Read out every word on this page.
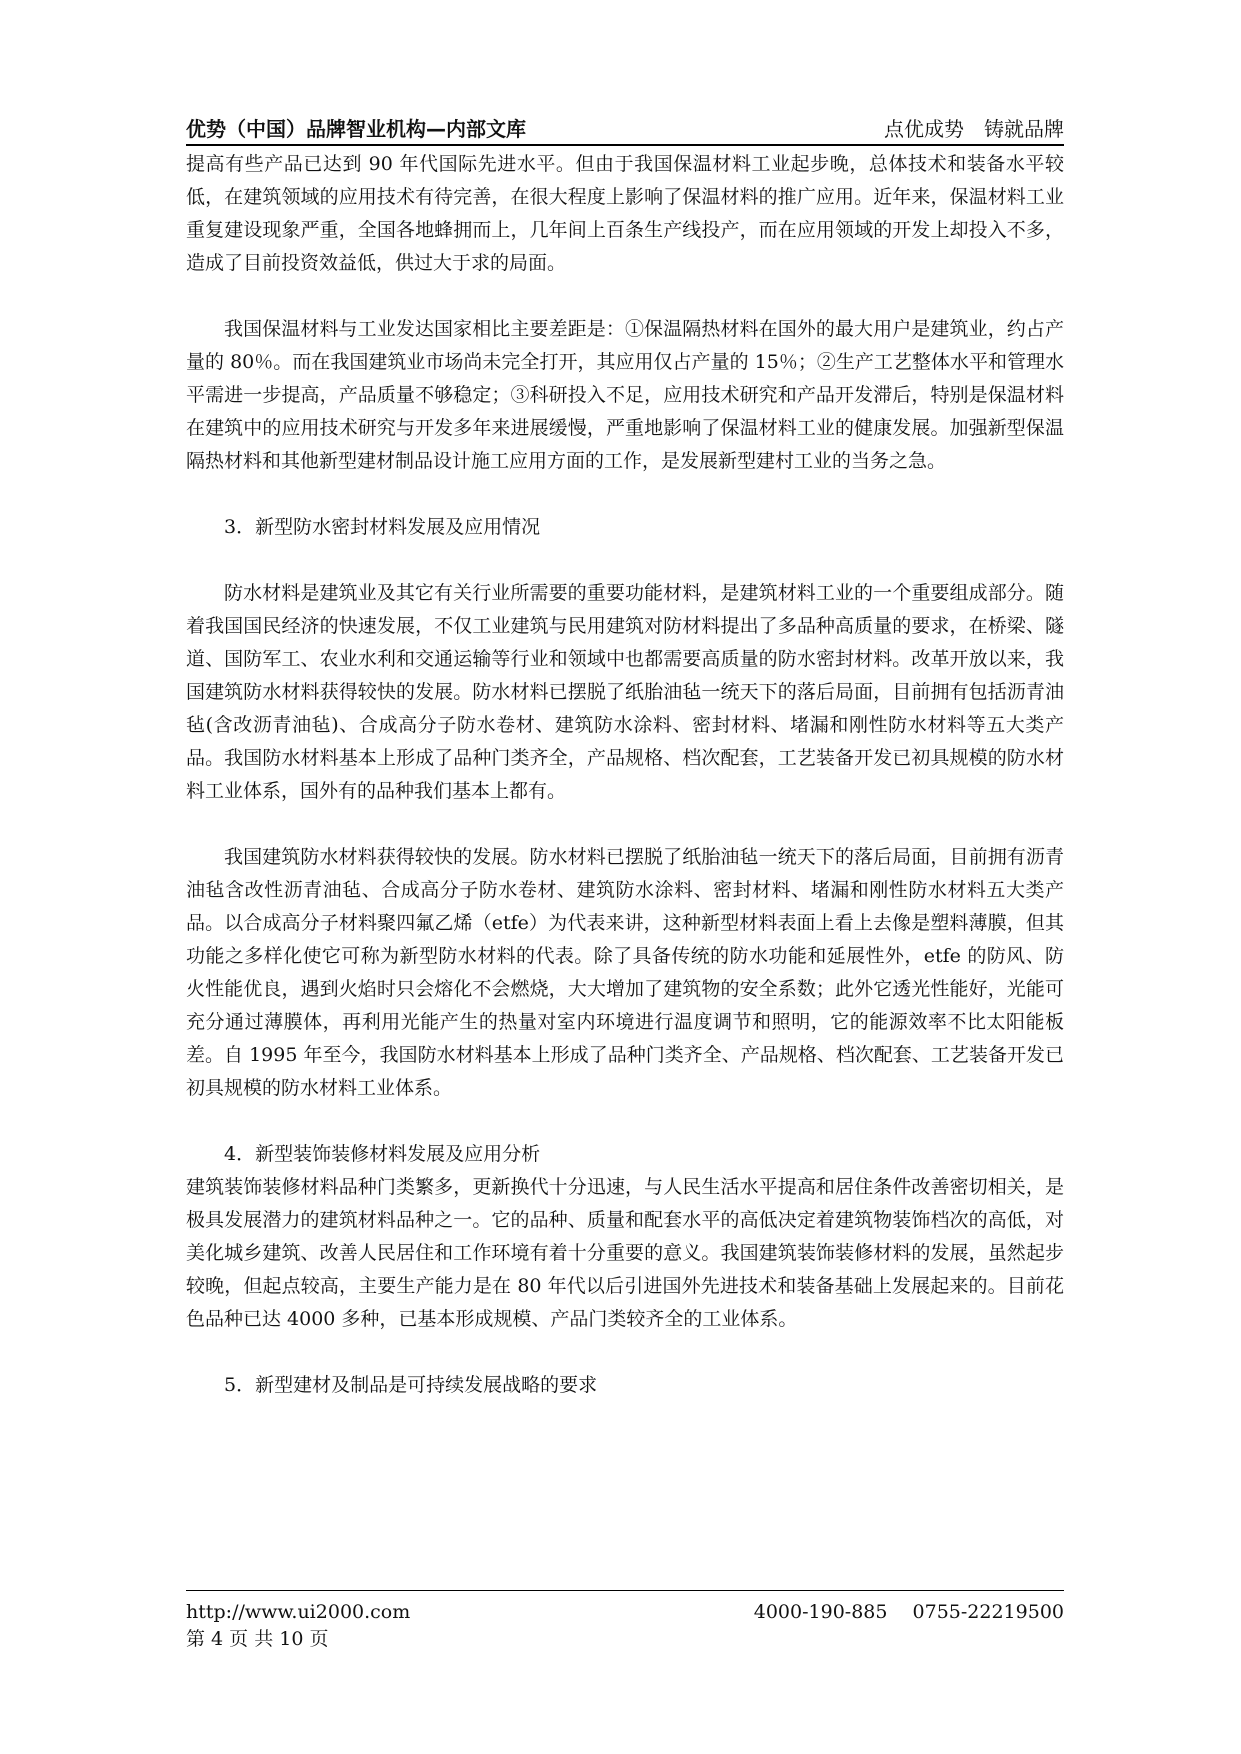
优势（中国）品牌智业机构—内部文库	点优成势　铸就品牌

提高有些产品已达到 90 年代国际先进水平。但由于我国保温材料工业起步晚，总体技术和装备水平较低，在建筑领域的应用技术有待完善，在很大程度上影响了保温材料的推广应用。近年来，保温材料工业重复建设现象严重，全国各地蜂拥而上，几年间上百条生产线投产，而在应用领域的开发上却投入不多，造成了目前投资效益低，供过大于求的局面。

我国保温材料与工业发达国家相比主要差距是：①保温隔热材料在国外的最大用户是建筑业，约占产量的 80％。而在我国建筑业市场尚未完全打开，其应用仅占产量的 15％；②生产工艺整体水平和管理水平需进一步提高，产品质量不够稳定；③科研投入不足，应用技术研究和产品开发滞后，特别是保温材料在建筑中的应用技术研究与开发多年来进展缓慢，严重地影响了保温材料工业的健康发展。加强新型保温隔热材料和其他新型建材制品设计施工应用方面的工作，是发展新型建村工业的当务之急。

3．新型防水密封材料发展及应用情况

防水材料是建筑业及其它有关行业所需要的重要功能材料，是建筑材料工业的一个重要组成部分。随着我国国民经济的快速发展，不仅工业建筑与民用建筑对防材料提出了多品种高质量的要求，在桥梁、隧道、国防军工、农业水利和交通运输等行业和领域中也都需要高质量的防水密封材料。改革开放以来，我国建筑防水材料获得较快的发展。防水材料已摆脱了纸胎油毡一统天下的落后局面，目前拥有包括沥青油毡(含改沥青油毡)、合成高分子防水卷材、建筑防水涂料、密封材料、堵漏和刚性防水材料等五大类产品。我国防水材料基本上形成了品种门类齐全，产品规格、档次配套，工艺装备开发已初具规模的防水材料工业体系，国外有的品种我们基本上都有。

我国建筑防水材料获得较快的发展。防水材料已摆脱了纸胎油毡一统天下的落后局面，目前拥有沥青油毡含改性沥青油毡、合成高分子防水卷材、建筑防水涂料、密封材料、堵漏和刚性防水材料五大类产品。以合成高分子材料聚四氟乙烯（etfe）为代表来讲，这种新型材料表面上看上去像是塑料薄膜，但其功能之多样化使它可称为新型防水材料的代表。除了具备传统的防水功能和延展性外，etfe 的防风、防火性能优良，遇到火焰时只会熔化不会燃烧，大大增加了建筑物的安全系数；此外它透光性能好，光能可充分通过薄膜体，再利用光能产生的热量对室内环境进行温度调节和照明，它的能源效率不比太阳能板差。自 1995 年至今，我国防水材料基本上形成了品种门类齐全、产品规格、档次配套、工艺装备开发已初具规模的防水材料工业体系。

4．新型装饰装修材料发展及应用分析

建筑装饰装修材料品种门类繁多，更新换代十分迅速，与人民生活水平提高和居住条件改善密切相关，是极具发展潜力的建筑材料品种之一。它的品种、质量和配套水平的高低决定着建筑物装饰档次的高低，对美化城乡建筑、改善人民居住和工作环境有着十分重要的意义。我国建筑装饰装修材料的发展，虽然起步较晚，但起点较高，主要生产能力是在 80 年代以后引进国外先进技术和装备基础上发展起来的。目前花色品种已达 4000 多种，已基本形成规模、产品门类较齐全的工业体系。

5．新型建材及制品是可持续发展战略的要求

http://www.ui2000.com	4000-190-885　 0755-22219500
第 4 页 共 10 页
